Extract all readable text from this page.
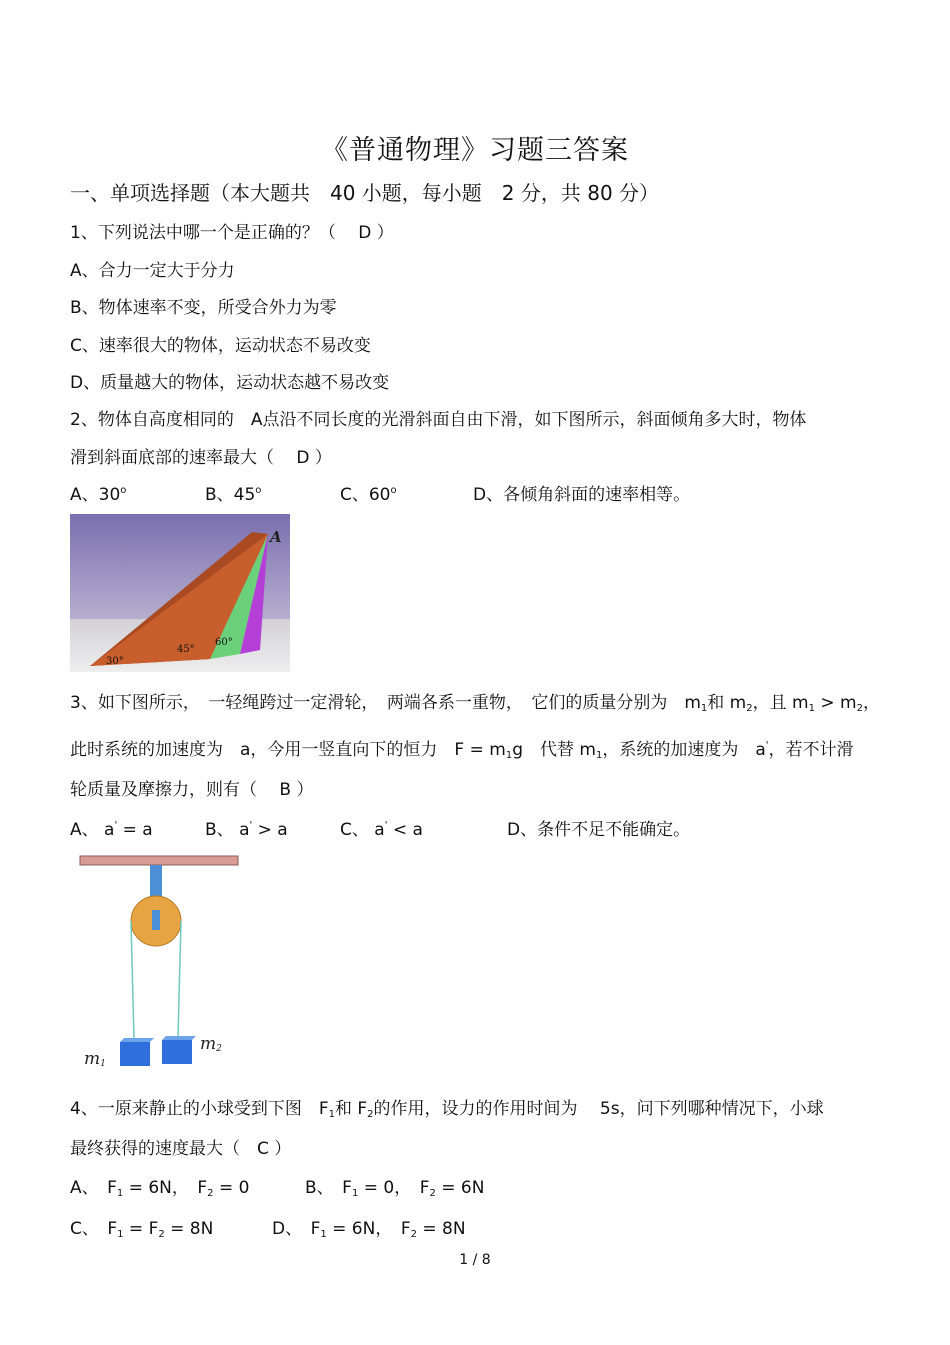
《普通物理》习题三答案
一、单项选择题（本大题共　40 小题，每小题　2 分，共 80 分）
1、下列说法中哪一个是正确的？（　 D ）
A、合力一定大于分力
B、物体速率不变，所受合外力为零
C、速率很大的物体，运动状态不易改变
D、质量越大的物体，运动状态越不易改变
2、物体自高度相同的　A点沿不同长度的光滑斜面自由下滑，如下图所示，斜面倾角多大时，物体
滑到斜面底部的速率最大（　 D ）
A、30$^o$	B、45$^o$	C、60$^o$	D、各倾角斜面的速率相等。
A
30°
45°
60°
3、如下图所示，　一轻绳跨过一定滑轮，　两端各系一重物，　它们的质量分别为　$m_1$和 $m_2$，且 $m_1 > m_2$，
此时系统的加速度为　a，今用一竖直向下的恒力　$F = m_1g$　代替 $m_1$，系统的加速度为　a'，若不计滑
轮质量及摩擦力，则有（　 B ）
A、 a' = a	B、 a' > a	C、 a' < a	D、条件不足不能确定。
m1
m2
4、一原来静止的小球受到下图　$F_1$和 $F_2$的作用，设力的作用时间为　 5s，问下列哪种情况下，小球
最终获得的速度最大（　C ）
A、　$F_1 = 6N$，　$F_2 = 0$	B、　$F_1 = 0$，　$F_2 = 6N$
C、　$F_1 = F_2 = 8N$	D、　$F_1 = 6N$，　$F_2 = 8N$
1 / 8
